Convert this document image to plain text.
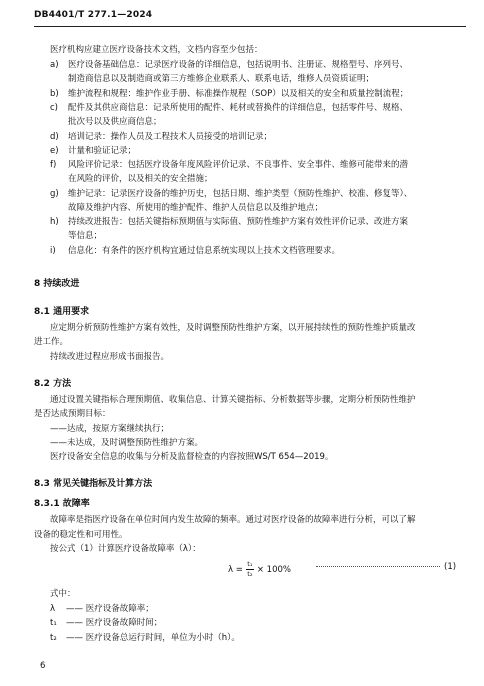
DB4401/T 277.1—2024
医疗机构应建立医疗设备技术文档，文档内容至少包括：
a) 医疗设备基础信息：记录医疗设备的详细信息，包括说明书、注册证、规格型号、序列号、
制造商信息以及制造商或第三方维修企业联系人、联系电话，维修人员资质证明；
b) 维护流程和规程：维护作业手册、标准操作规程（SOP）以及相关的安全和质量控制流程；
c) 配件及其供应商信息：记录所使用的配件、耗材或替换件的详细信息，包括零件号、规格、
批次号以及供应商信息；
d) 培训记录：操作人员及工程技术人员接受的培训记录；
e) 计量和验证记录；
f) 风险评价记录：包括医疗设备年度风险评价记录、不良事件、安全事件、维修可能带来的潜
在风险的评价，以及相关的安全措施；
g) 维护记录：记录医疗设备的维护历史，包括日期、维护类型（预防性维护、校准、修复等）、
故障及维护内容、所使用的维护配件、维护人员信息以及维护地点；
h) 持续改进报告：包括关键指标预期值与实际值、预防性维护方案有效性评价记录、改进方案
等信息；
i) 信息化：有条件的医疗机构宜通过信息系统实现以上技术文档管理要求。
8 持续改进
8.1 通用要求
应定期分析预防性维护方案有效性，及时调整预防性维护方案，以开展持续性的预防性维护质量改
进工作。
持续改进过程应形成书面报告。
8.2 方法
通过设置关键指标合理预期值、收集信息、计算关键指标、分析数据等步骤，定期分析预防性维护
是否达成预期目标：
——达成，按原方案继续执行；
——未达成，及时调整预防性维护方案。
医疗设备安全信息的收集与分析及监督检查的内容按照WS/T 654—2019。
8.3 常见关键指标及计算方法
8.3.1 故障率
故障率是指医疗设备在单位时间内发生故障的频率。通过对医疗设备的故障率进行分析，可以了解
设备的稳定性和可用性。
按公式（1）计算医疗设备故障率（λ）：
$\lambda = \frac{\text{t₁}}{\text{t₂}} \times 100\%$	(1)
式中：
λ —— 医疗设备故障率；
t₁ —— 医疗设备故障时间；
t₂ —— 医疗设备总运行时间，单位为小时（h）。
6
